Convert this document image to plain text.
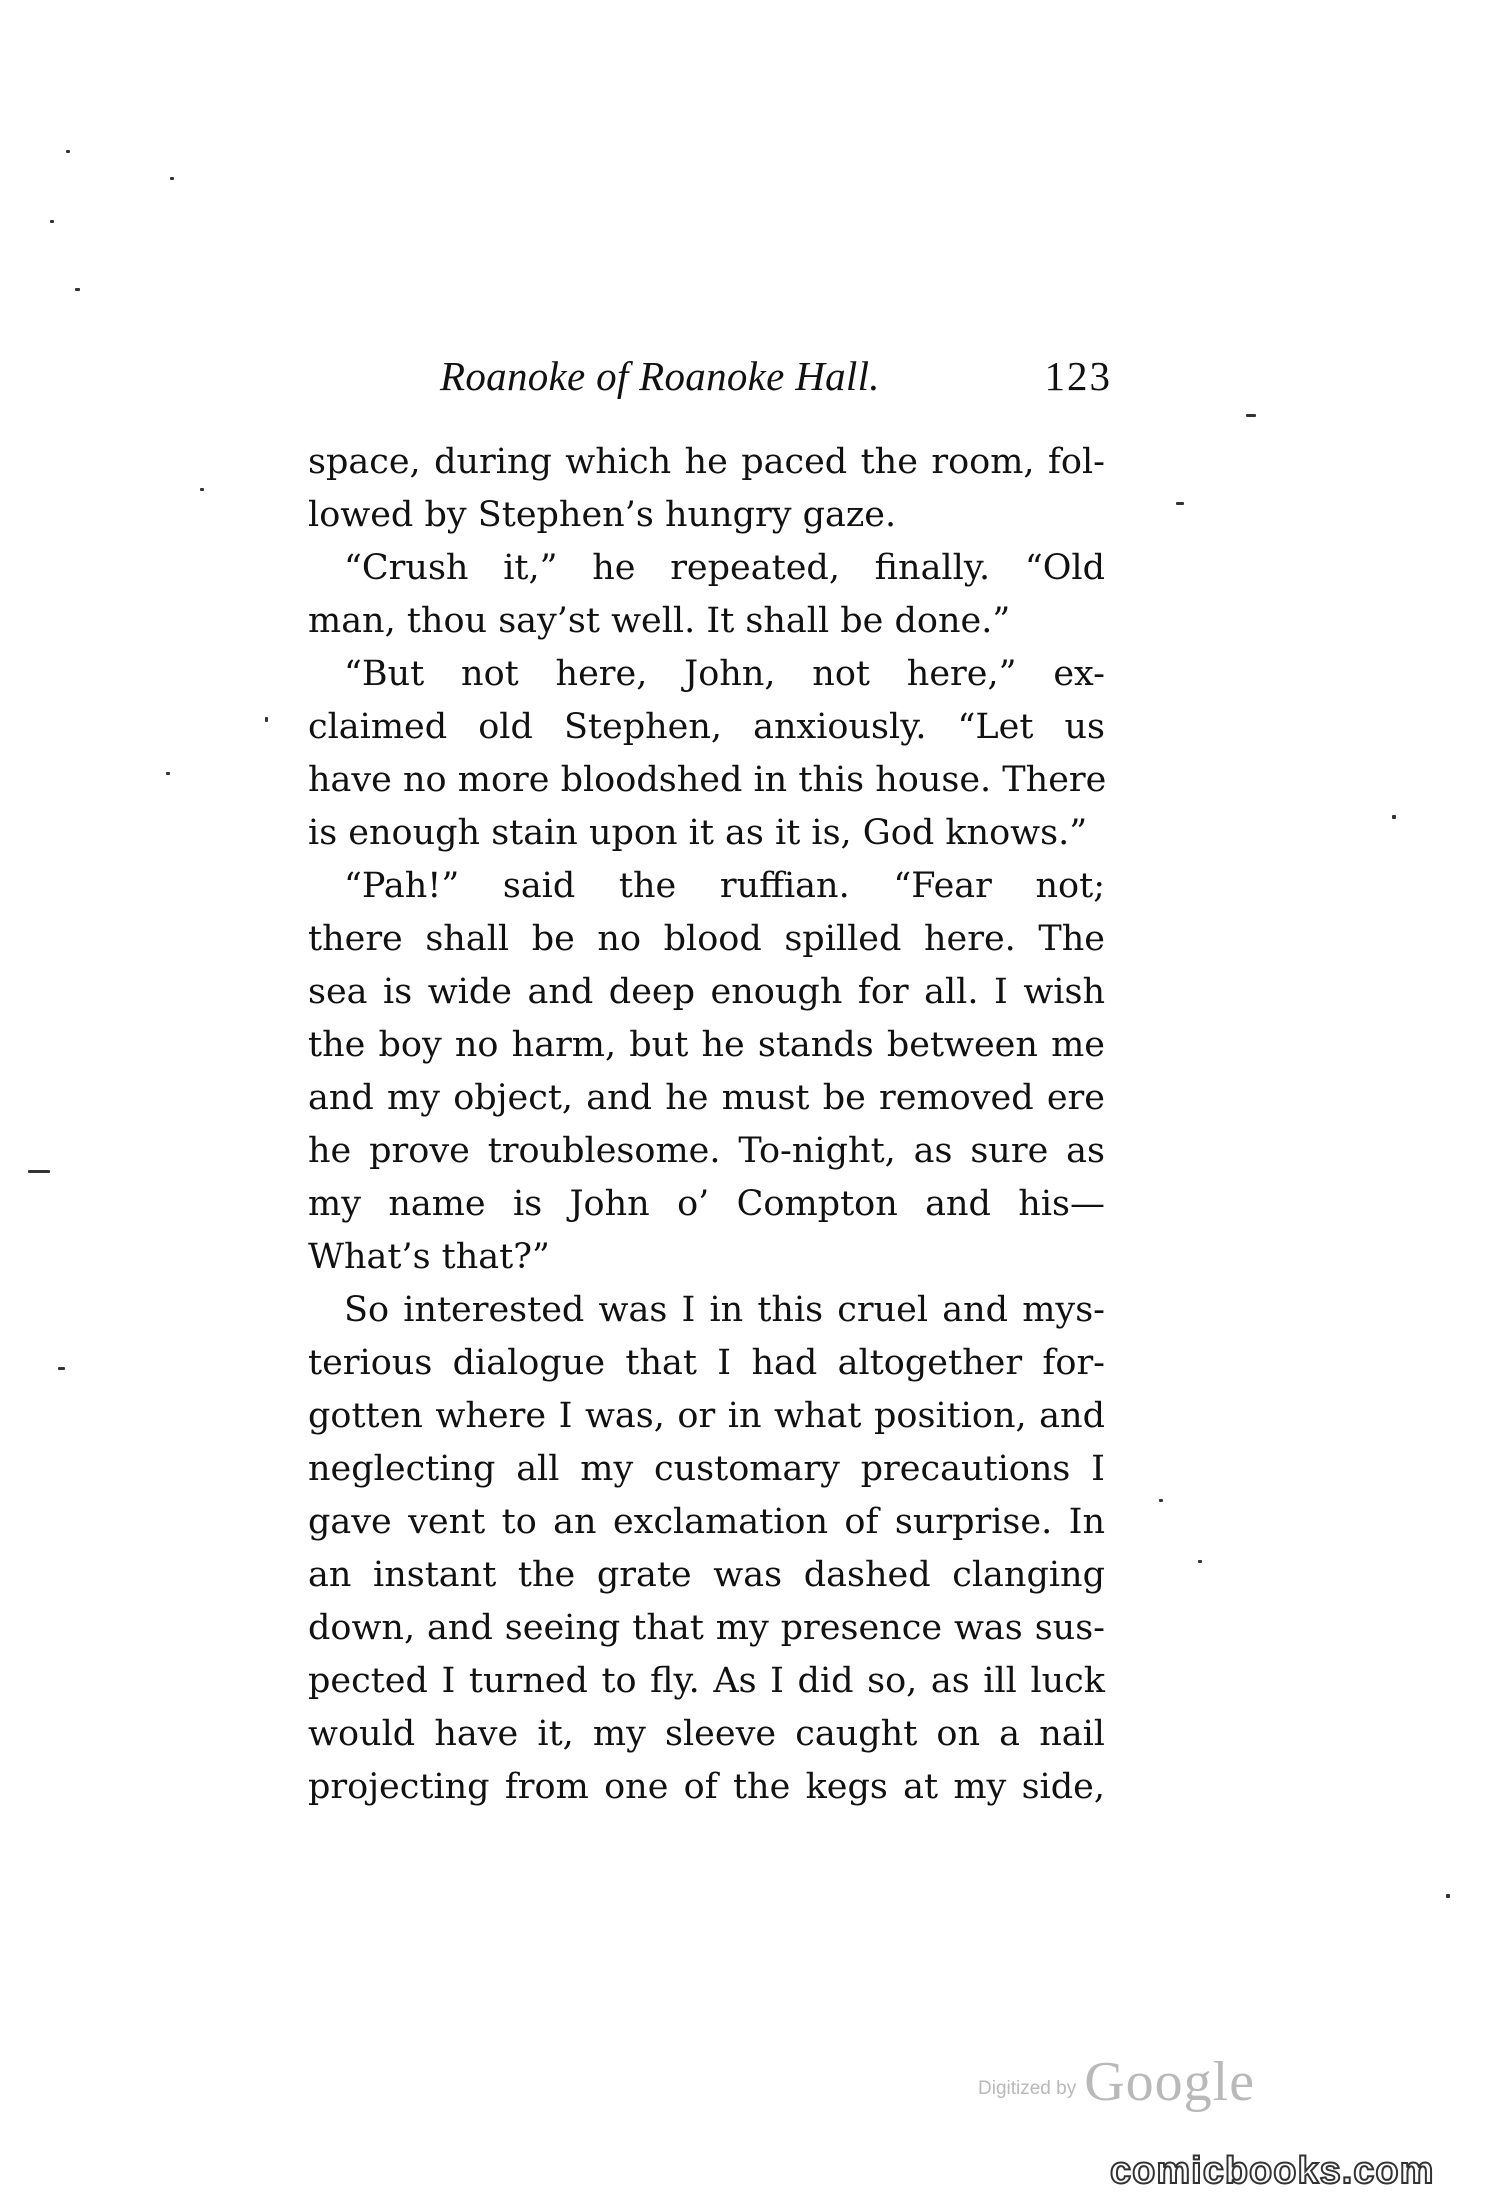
Roanoke of Roanoke Hall.	123
space, during which he paced the room, fol-
lowed by Stephen’s hungry gaze.
“Crush it,” he repeated, finally. “Old
man, thou say’st well. It shall be done.”
“But not here, John, not here,” ex-
claimed old Stephen, anxiously. “Let us
have no more bloodshed in this house. There
is enough stain upon it as it is, God knows.”
“Pah!” said the ruffian. “Fear not;
there shall be no blood spilled here. The
sea is wide and deep enough for all. I wish
the boy no harm, but he stands between me
and my object, and he must be removed ere
he prove troublesome. To-night, as sure as
my name is John o’ Compton and his—
What’s that?”
So interested was I in this cruel and mys-
terious dialogue that I had altogether for-
gotten where I was, or in what position, and
neglecting all my customary precautions I
gave vent to an exclamation of surprise. In
an instant the grate was dashed clanging
down, and seeing that my presence was sus-
pected I turned to fly. As I did so, as ill luck
would have it, my sleeve caught on a nail
projecting from one of the kegs at my side,
Digitized by Google
comicbooks.com
